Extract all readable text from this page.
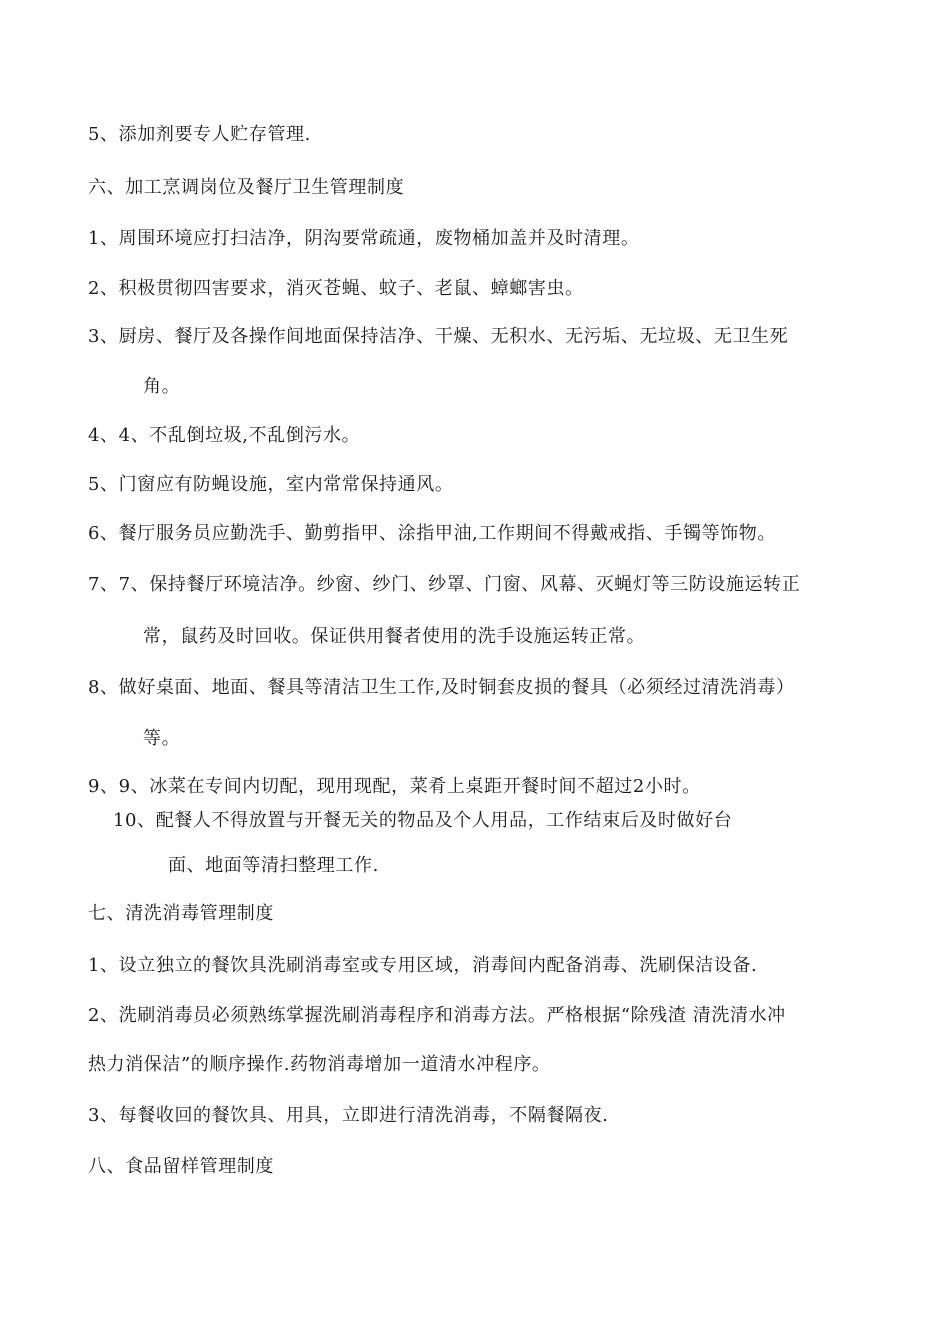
5、添加剂要专人贮存管理.

六、加工烹调岗位及餐厅卫生管理制度

1、周围环境应打扫洁净，阴沟要常疏通，废物桶加盖并及时清理。

2、积极贯彻四害要求，消灭苍蝇、蚊子、老鼠、蟑螂害虫。

3、厨房、餐厅及各操作间地面保持洁净、干燥、无积水、无污垢、无垃圾、无卫生死

角。

4、4、不乱倒垃圾,不乱倒污水。

5、门窗应有防蝇设施，室内常常保持通风。

6、餐厅服务员应勤洗手、勤剪指甲、涂指甲油,工作期间不得戴戒指、手镯等饰物。

7、7、保持餐厅环境洁净。纱窗、纱门、纱罩、门窗、风幕、灭蝇灯等三防设施运转正

常，鼠药及时回收。保证供用餐者使用的洗手设施运转正常。

8、做好桌面、地面、餐具等清洁卫生工作,及时铜套皮损的餐具（必须经过清洗消毒）

等。

9、9、冰菜在专间内切配，现用现配，菜肴上桌距开餐时间不超过2小时。

10、配餐人不得放置与开餐无关的物品及个人用品，工作结束后及时做好台

面、地面等清扫整理工作.

七、清洗消毒管理制度

1、设立独立的餐饮具洗刷消毒室或专用区域，消毒间内配备消毒、洗刷保洁设备.

2、洗刷消毒员必须熟练掌握洗刷消毒程序和消毒方法。严格根据“除残渣 清洗清水冲

热力消保洁”的顺序操作.药物消毒增加一道清水冲程序。

3、每餐收回的餐饮具、用具，立即进行清洗消毒，不隔餐隔夜.

八、食品留样管理制度
